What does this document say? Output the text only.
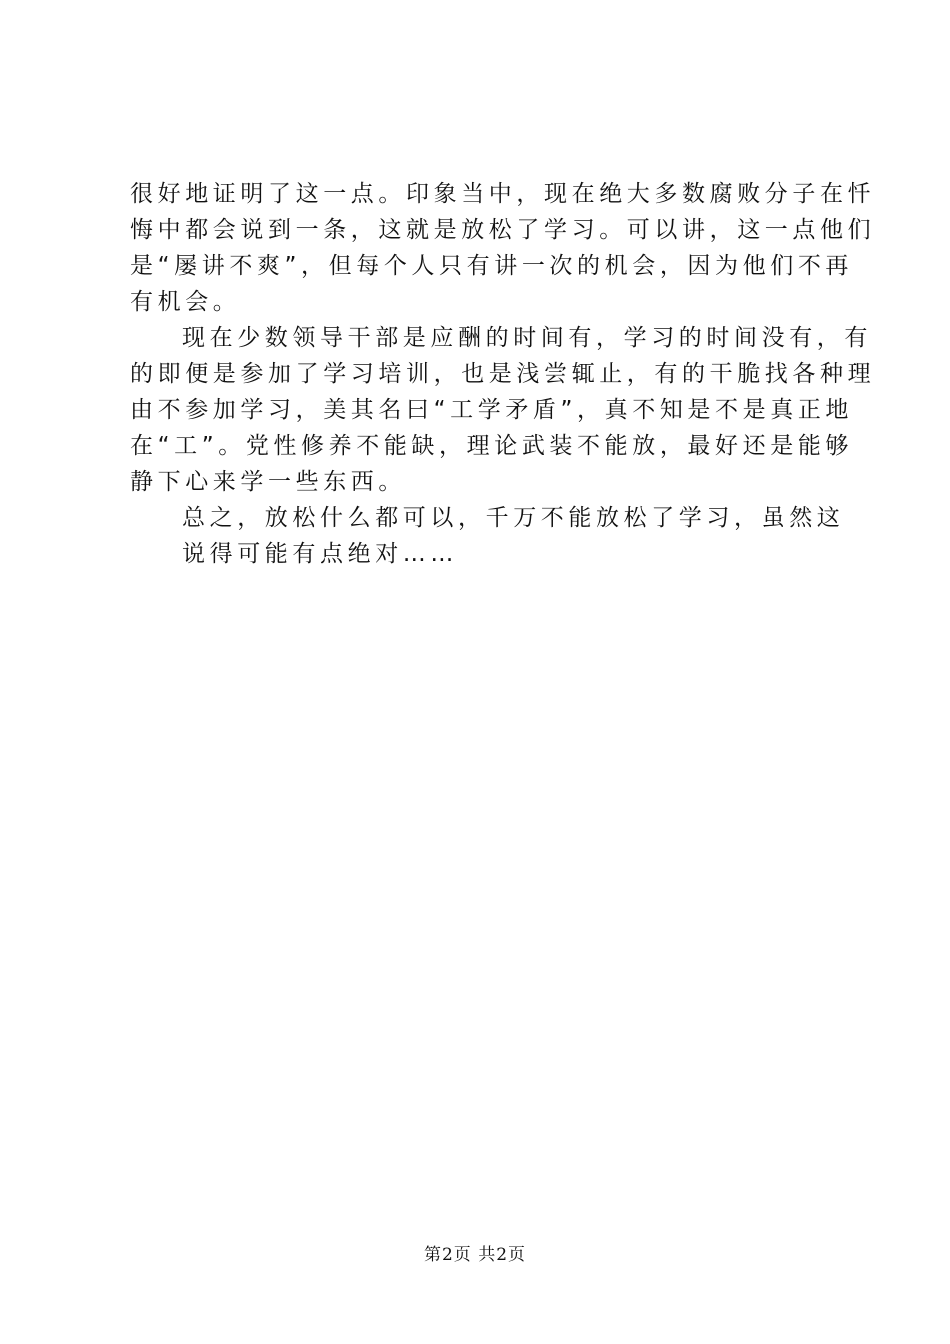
很好地证明了这一点。印象当中，现在绝大多数腐败分子在忏
悔中都会说到一条，这就是放松了学习。可以讲，这一点他们
是“屡讲不爽”，但每个人只有讲一次的机会，因为他们不再
有机会。
现在少数领导干部是应酬的时间有，学习的时间没有，有
的即便是参加了学习培训，也是浅尝辄止，有的干脆找各种理
由不参加学习，美其名曰“工学矛盾”，真不知是不是真正地
在“工”。党性修养不能缺，理论武装不能放，最好还是能够
静下心来学一些东西。
总之，放松什么都可以，千万不能放松了学习，虽然这
说得可能有点绝对……
第2页 共2页
